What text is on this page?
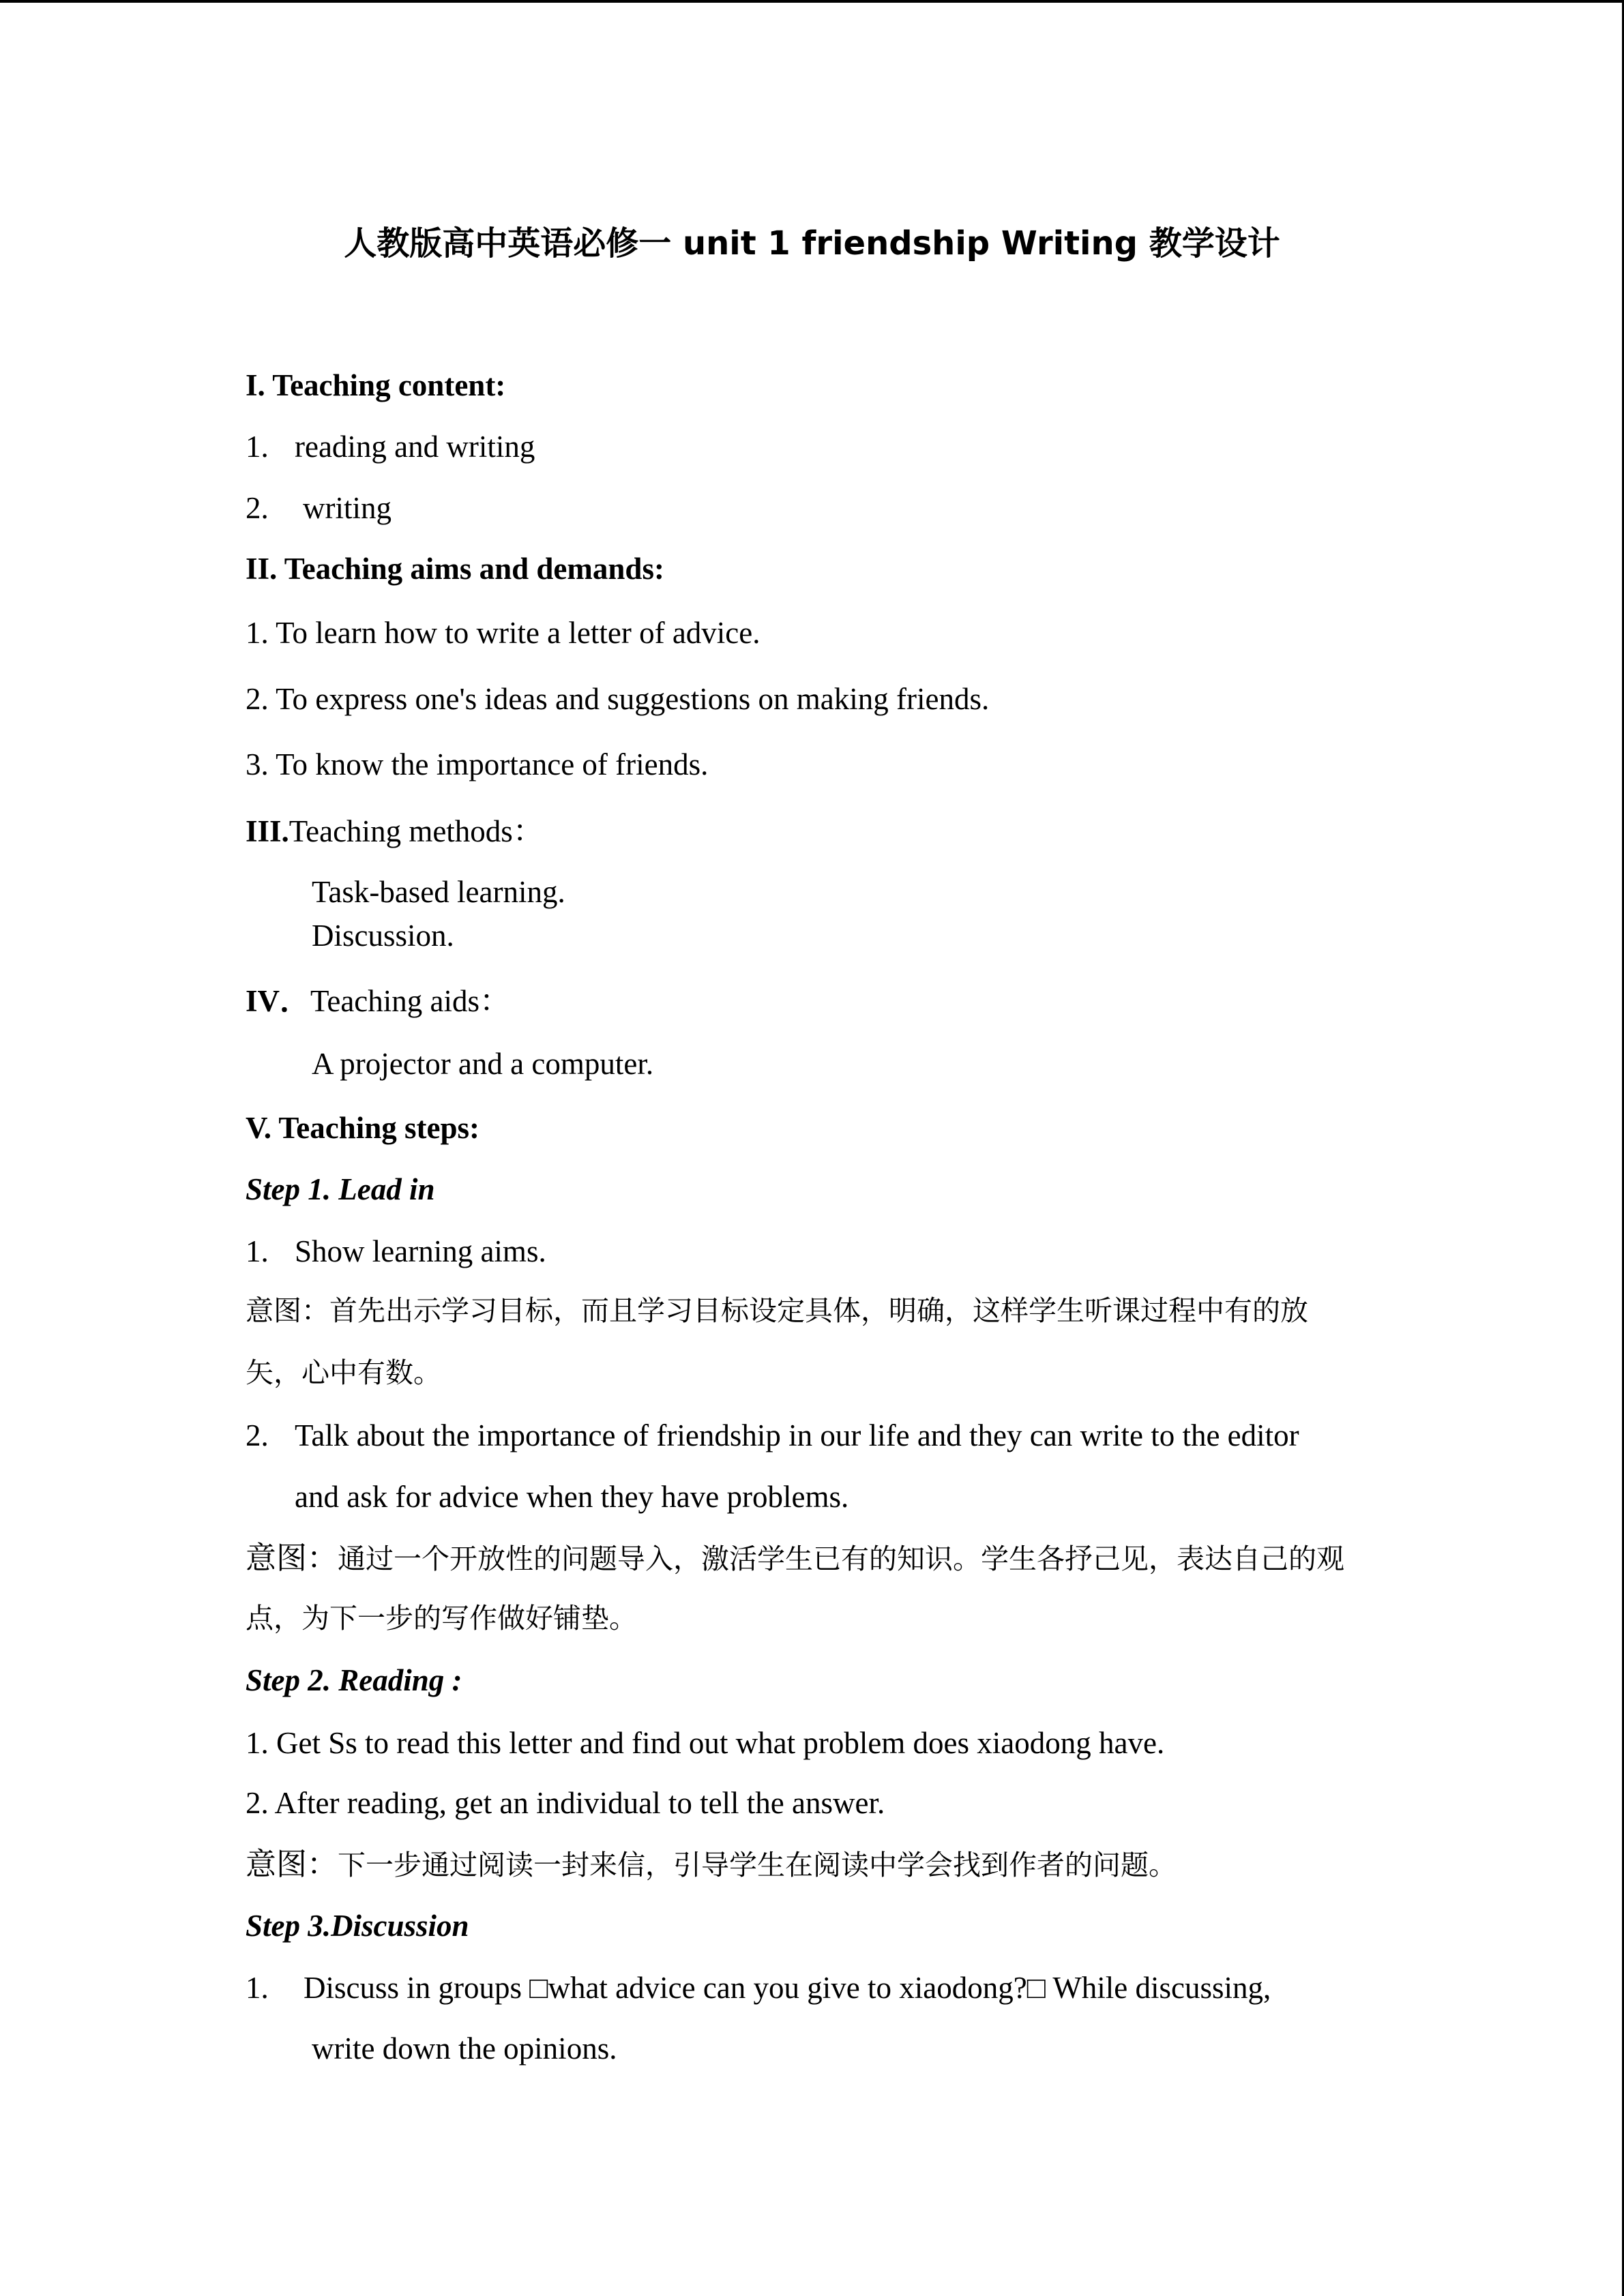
人教版高中英语必修一 unit 1 friendship Writing 教学设计
I. Teaching content:
1. reading and writing
2. writing
II. Teaching aims and demands:
1. To learn how to write a letter of advice.
2. To express one's ideas and suggestions on making friends.
3. To know the importance of friends.
III.Teaching methods：
Task-based learning.
Discussion.
IV．Teaching aids：
A projector and a computer.
V. Teaching steps:
Step 1. Lead in
1. Show learning aims.
意图：首先出示学习目标，而且学习目标设定具体，明确，这样学生听课过程中有的放
矢，心中有数。
2. Talk about the importance of friendship in our life and they can write to the editor
and ask for advice when they have problems.
意图：通过一个开放性的问题导入，激活学生已有的知识。学生各抒己见，表达自己的观
点，为下一步的写作做好铺垫。
Step 2. Reading :
1. Get Ss to read this letter and find out what problem does xiaodong have.
2. After reading, get an individual to tell the answer.
意图：下一步通过阅读一封来信，引导学生在阅读中学会找到作者的问题。
Step 3.Discussion
1. Discuss in groups □what advice can you give to xiaodong?□ While discussing,
write down the opinions.
